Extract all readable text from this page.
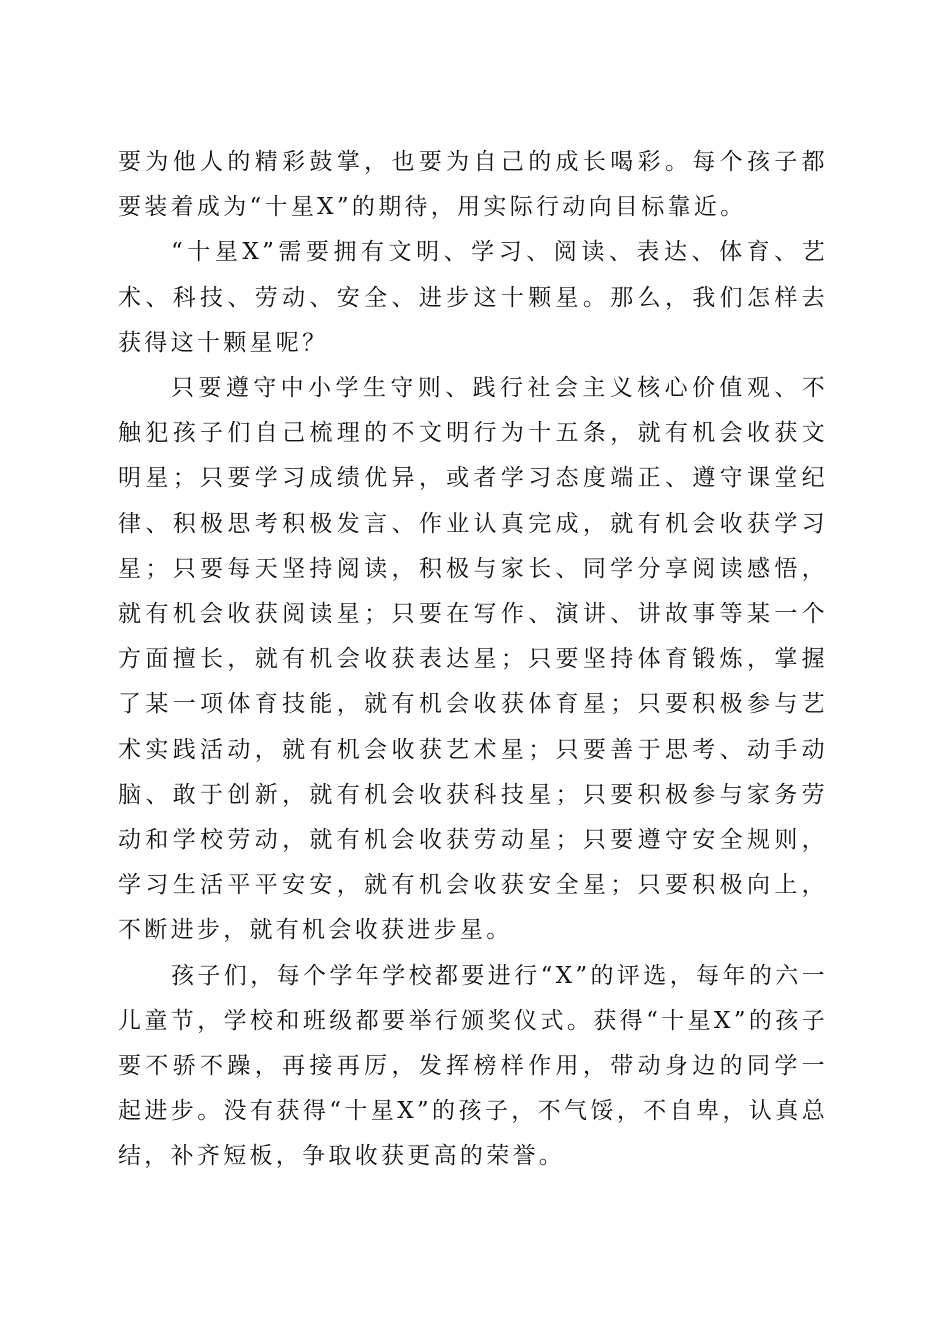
要为他人的精彩鼓掌，也要为自己的成长喝彩。每个孩子都要装着成为“十星X”的期待，用实际行动向目标靠近。

“十星X”需要拥有文明、学习、阅读、表达、体育、艺术、科技、劳动、安全、进步这十颗星。那么，我们怎样去获得这十颗星呢？

只要遵守中小学生守则、践行社会主义核心价值观、不触犯孩子们自己梳理的不文明行为十五条，就有机会收获文明星；只要学习成绩优异，或者学习态度端正、遵守课堂纪律、积极思考积极发言、作业认真完成，就有机会收获学习星；只要每天坚持阅读，积极与家长、同学分享阅读感悟，就有机会收获阅读星；只要在写作、演讲、讲故事等某一个方面擅长，就有机会收获表达星；只要坚持体育锻炼，掌握了某一项体育技能，就有机会收获体育星；只要积极参与艺术实践活动，就有机会收获艺术星；只要善于思考、动手动脑、敢于创新，就有机会收获科技星；只要积极参与家务劳动和学校劳动，就有机会收获劳动星；只要遵守安全规则，学习生活平平安安，就有机会收获安全星；只要积极向上，不断进步，就有机会收获进步星。

孩子们，每个学年学校都要进行“X”的评选，每年的六一儿童节，学校和班级都要举行颁奖仪式。获得“十星X”的孩子要不骄不躁，再接再厉，发挥榜样作用，带动身边的同学一起进步。没有获得“十星X”的孩子，不气馁，不自卑，认真总结，补齐短板，争取收获更高的荣誉。
